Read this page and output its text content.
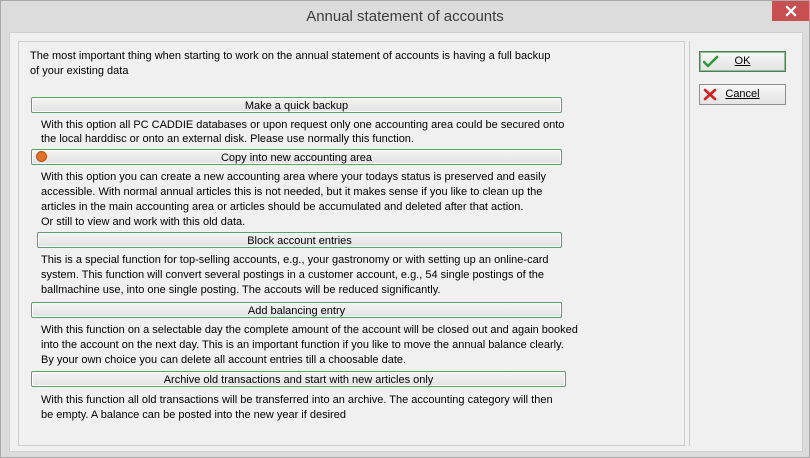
Annual statement of accounts
The most important thing when starting to work on the annual statement of accounts is having a full backup
of your existing data
Make a quick backup
With this option all PC CADDIE databases or upon request only one accounting area could be secured onto
the local harddisc or onto an external disk. Please use normally this function.
Copy into new accounting area
With this option you can create a new accounting area where your todays status is preserved and easily
accessible. With normal annual articles this is not needed, but it makes sense if you like to clean up the
articles in the main accounting area or articles should be accumulated and deleted after that action.
Or still to view and work with this old data.
Block account entries
This is a special function for top-selling accounts, e.g., your gastronomy or with setting up an online-card
system. This function will convert several postings in a customer account, e.g., 54 single postings of the
ballmachine use, into one single posting. The accouts will be reduced significantly.
Add balancing entry
With this function on a selectable day the complete amount of the account will be closed out and again booked
into the account on the next day. This is an important function if you like to move the annual balance clearly.
By your own choice you can delete all account entries till a choosable date.
Archive old transactions and start with new articles only
With this function all old transactions will be transferred into an archive. The accounting category will then
be empty. A balance can be posted into the new year if desired
OK
Cancel
